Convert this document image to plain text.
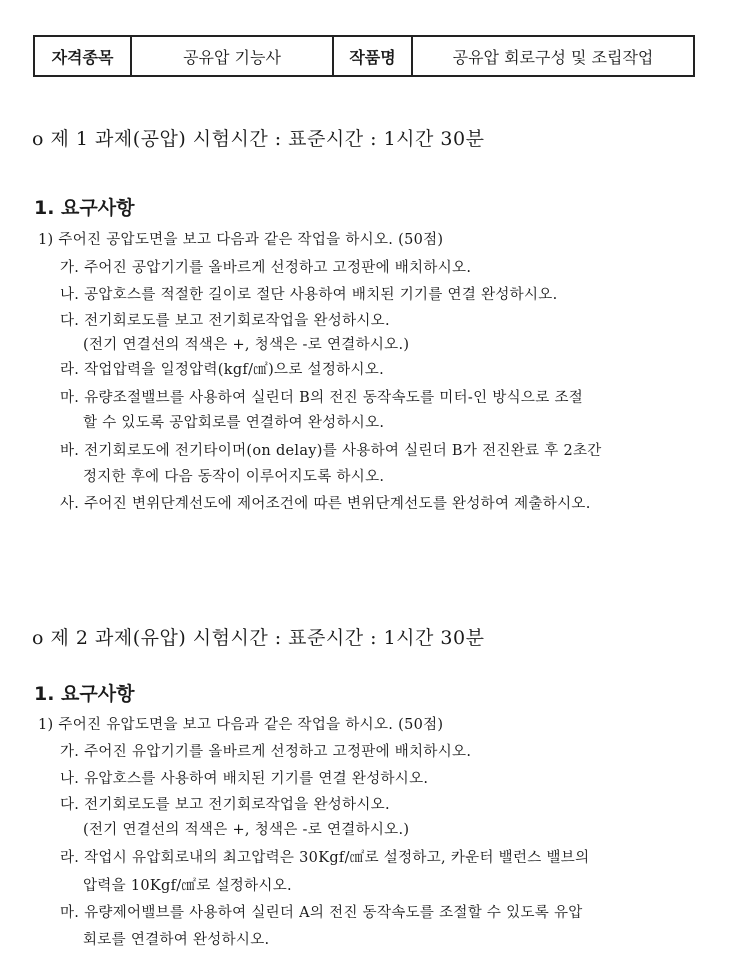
자격종목	공유압 기능사	작품명	공유압 회로구성 및 조립작업
o 제 1 과제(공압) 시험시간 : 표준시간 : 1시간 30분
1. 요구사항
1) 주어진 공압도면을 보고 다음과 같은 작업을 하시오. (50점)
가. 주어진 공압기기를 올바르게 선정하고 고정판에 배치하시오.
나. 공압호스를 적절한 길이로 절단 사용하여 배치된 기기를 연결 완성하시오.
다. 전기회로도를 보고 전기회로작업을 완성하시오.
(전기 연결선의 적색은 +, 청색은 -로 연결하시오.)
라. 작업압력을 일정압력(kgf/㎠)으로 설정하시오.
마. 유량조절밸브를 사용하여 실린더 B의 전진 동작속도를 미터-인 방식으로 조절
할 수 있도록 공압회로를 연결하여 완성하시오.
바. 전기회로도에 전기타이머(on delay)를 사용하여 실린더 B가 전진완료 후 2초간
정지한 후에 다음 동작이 이루어지도록 하시오.
사. 주어진 변위단계선도에 제어조건에 따른 변위단계선도를 완성하여 제출하시오.
o 제 2 과제(유압) 시험시간 : 표준시간 : 1시간 30분
1. 요구사항
1) 주어진 유압도면을 보고 다음과 같은 작업을 하시오. (50점)
가. 주어진 유압기기를 올바르게 선정하고 고정판에 배치하시오.
나. 유압호스를 사용하여 배치된 기기를 연결 완성하시오.
다. 전기회로도를 보고 전기회로작업을 완성하시오.
(전기 연결선의 적색은 +, 청색은 -로 연결하시오.)
라. 작업시 유압회로내의 최고압력은 30Kgf/㎠로 설정하고, 카운터 밸런스 밸브의
압력을 10Kgf/㎠로 설정하시오.
마. 유량제어밸브를 사용하여 실린더 A의 전진 동작속도를 조절할 수 있도록 유압
회로를 연결하여 완성하시오.
